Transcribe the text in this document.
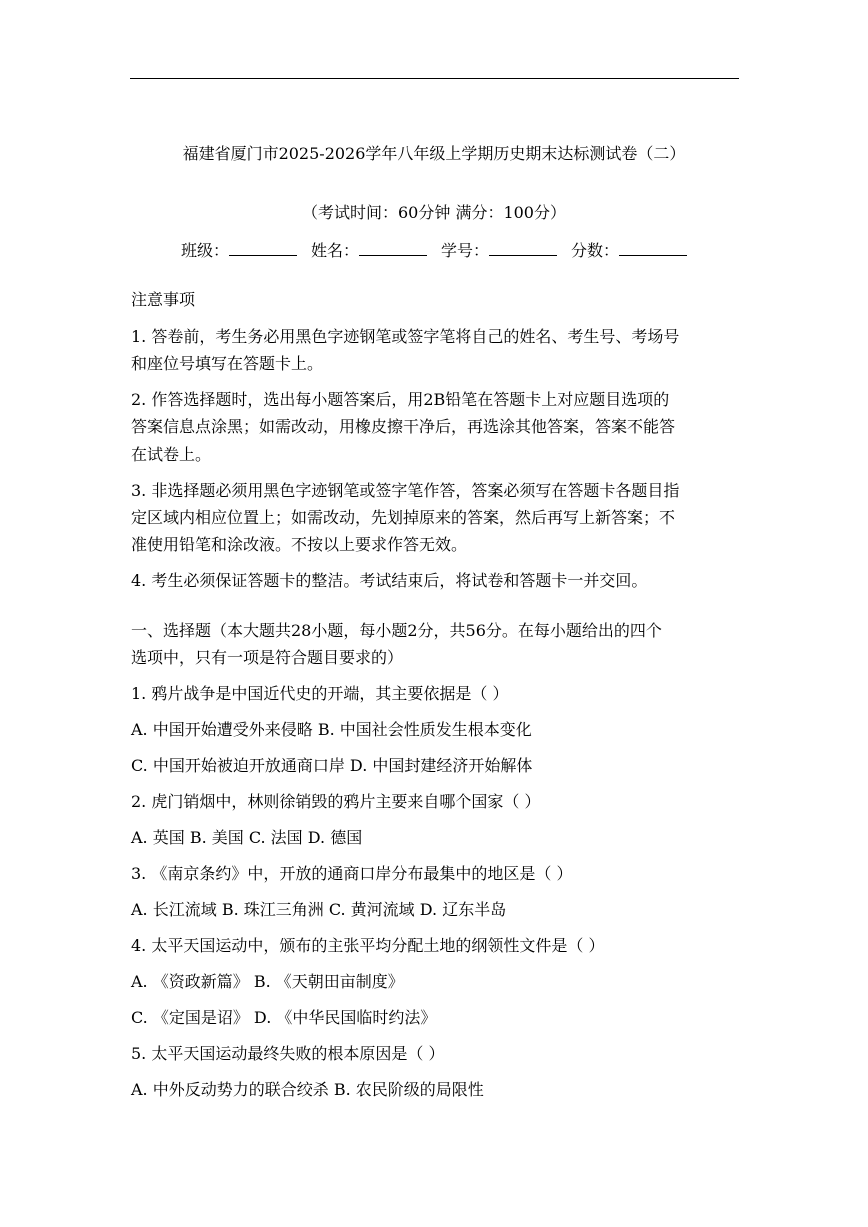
福建省厦门市2025-2026学年八年级上学期历史期末达标测试卷（二）
（考试时间：60分钟 满分：100分）
班级：	姓名：	学号：	分数：
注意事项
1. 答卷前，考生务必用黑色字迹钢笔或签字笔将自己的姓名、考生号、考场号
和座位号填写在答题卡上。
2. 作答选择题时，选出每小题答案后，用2B铅笔在答题卡上对应题目选项的
答案信息点涂黑；如需改动，用橡皮擦干净后，再选涂其他答案，答案不能答
在试卷上。
3. 非选择题必须用黑色字迹钢笔或签字笔作答，答案必须写在答题卡各题目指
定区域内相应位置上；如需改动，先划掉原来的答案，然后再写上新答案；不
准使用铅笔和涂改液。不按以上要求作答无效。
4. 考生必须保证答题卡的整洁。考试结束后，将试卷和答题卡一并交回。
一、选择题（本大题共28小题，每小题2分，共56分。在每小题给出的四个
选项中，只有一项是符合题目要求的）
1. 鸦片战争是中国近代史的开端，其主要依据是（ ）
A. 中国开始遭受外来侵略 B. 中国社会性质发生根本变化
C. 中国开始被迫开放通商口岸 D. 中国封建经济开始解体
2. 虎门销烟中，林则徐销毁的鸦片主要来自哪个国家（ ）
A. 英国 B. 美国 C. 法国 D. 德国
3. 《南京条约》中，开放的通商口岸分布最集中的地区是（ ）
A. 长江流域 B. 珠江三角洲 C. 黄河流域 D. 辽东半岛
4. 太平天国运动中，颁布的主张平均分配土地的纲领性文件是（ ）
A. 《资政新篇》 B. 《天朝田亩制度》
C. 《定国是诏》 D. 《中华民国临时约法》
5. 太平天国运动最终失败的根本原因是（ ）
A. 中外反动势力的联合绞杀 B. 农民阶级的局限性
